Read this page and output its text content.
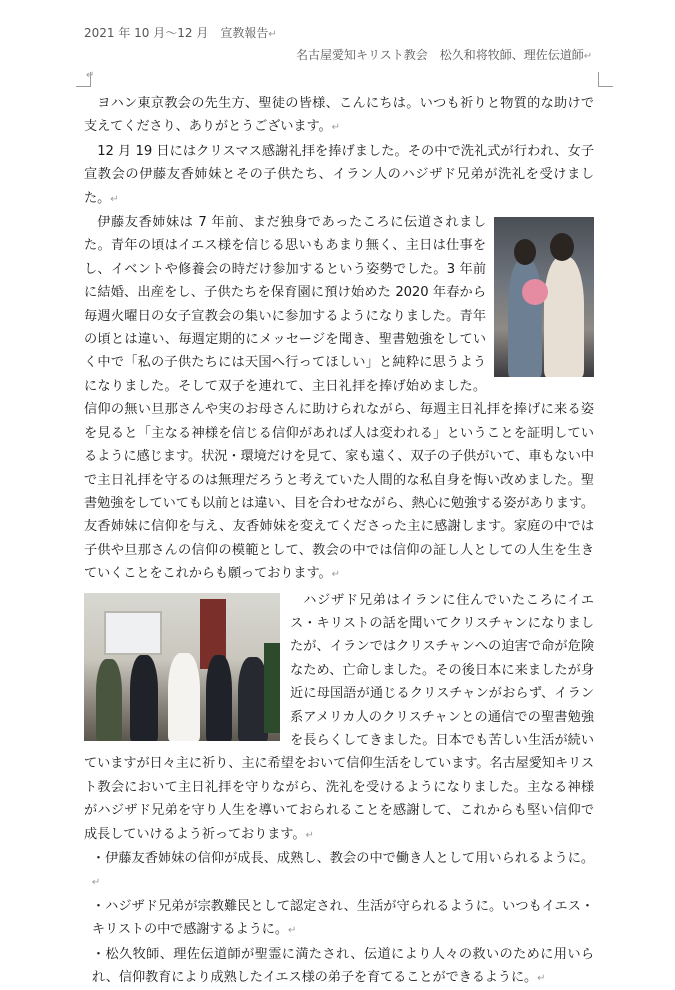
2021 年 10 月〜12 月　宣教報告↵
名古屋愛知キリスト教会　松久和将牧師、理佐伝道師↵
↵

ヨハン東京教会の先生方、聖徒の皆様、こんにちは。いつも祈りと物質的な助けで支えてくださり、ありがとうございます。↵

12 月 19 日にはクリスマス感謝礼拝を捧げました。その中で洗礼式が行われ、女子宣教会の伊藤友香姉妹とその子供たち、イラン人のハジザド兄弟が洗礼を受けました。↵

伊藤友香姉妹は 7 年前、まだ独身であったころに伝道されました。青年の頃はイエス様を信じる思いもあまり無く、主日は仕事をし、イベントや修養会の時だけ参加するという姿勢でした。3 年前に結婚、出産をし、子供たちを保育園に預け始めた 2020 年春から毎週火曜日の女子宣教会の集いに参加するようになりました。青年の頃とは違い、毎週定期的にメッセージを聞き、聖書勉強をしていく中で「私の子供たちには天国へ行ってほしい」と純粋に思うようになりました。そして双子を連れて、主日礼拝を捧げ始めました。信仰の無い旦那さんや実のお母さんに助けられながら、毎週主日礼拝を捧げに来る姿を見ると「主なる神様を信じる信仰があれば人は変われる」ということを証明しているように感じます。状況・環境だけを見て、家も遠く、双子の子供がいて、車もない中で主日礼拝を守るのは無理だろうと考えていた人間的な私自身を悔い改めました。聖書勉強をしていても以前とは違い、目を合わせながら、熱心に勉強する姿があります。友香姉妹に信仰を与え、友香姉妹を変えてくださった主に感謝します。家庭の中では子供や旦那さんの信仰の模範として、教会の中では信仰の証し人としての人生を生きていくことをこれからも願っております。↵

ハジザド兄弟はイランに住んでいたころにイエス・キリストの話を聞いてクリスチャンになりましたが、イランではクリスチャンへの迫害で命が危険なため、亡命しました。その後日本に来ましたが身近に母国語が通じるクリスチャンがおらず、イラン系アメリカ人のクリスチャンとの通信での聖書勉強を長らくしてきました。日本でも苦しい生活が続いていますが日々主に祈り、主に希望をおいて信仰生活をしています。名古屋愛知キリスト教会において主日礼拝を守りながら、洗礼を受けるようになりました。主なる神様がハジザド兄弟を守り人生を導いておられることを感謝して、これからも堅い信仰で成長していけるよう祈っております。↵

・伊藤友香姉妹の信仰が成長、成熟し、教会の中で働き人として用いられるように。↵

・ハジザド兄弟が宗教難民として認定され、生活が守られるように。いつもイエス・キリストの中で感謝するように。↵

・松久牧師、理佐伝道師が聖霊に満たされ、伝道により人々の救いのために用いられ、信仰教育により成熟したイエス様の弟子を育てることができるように。↵
